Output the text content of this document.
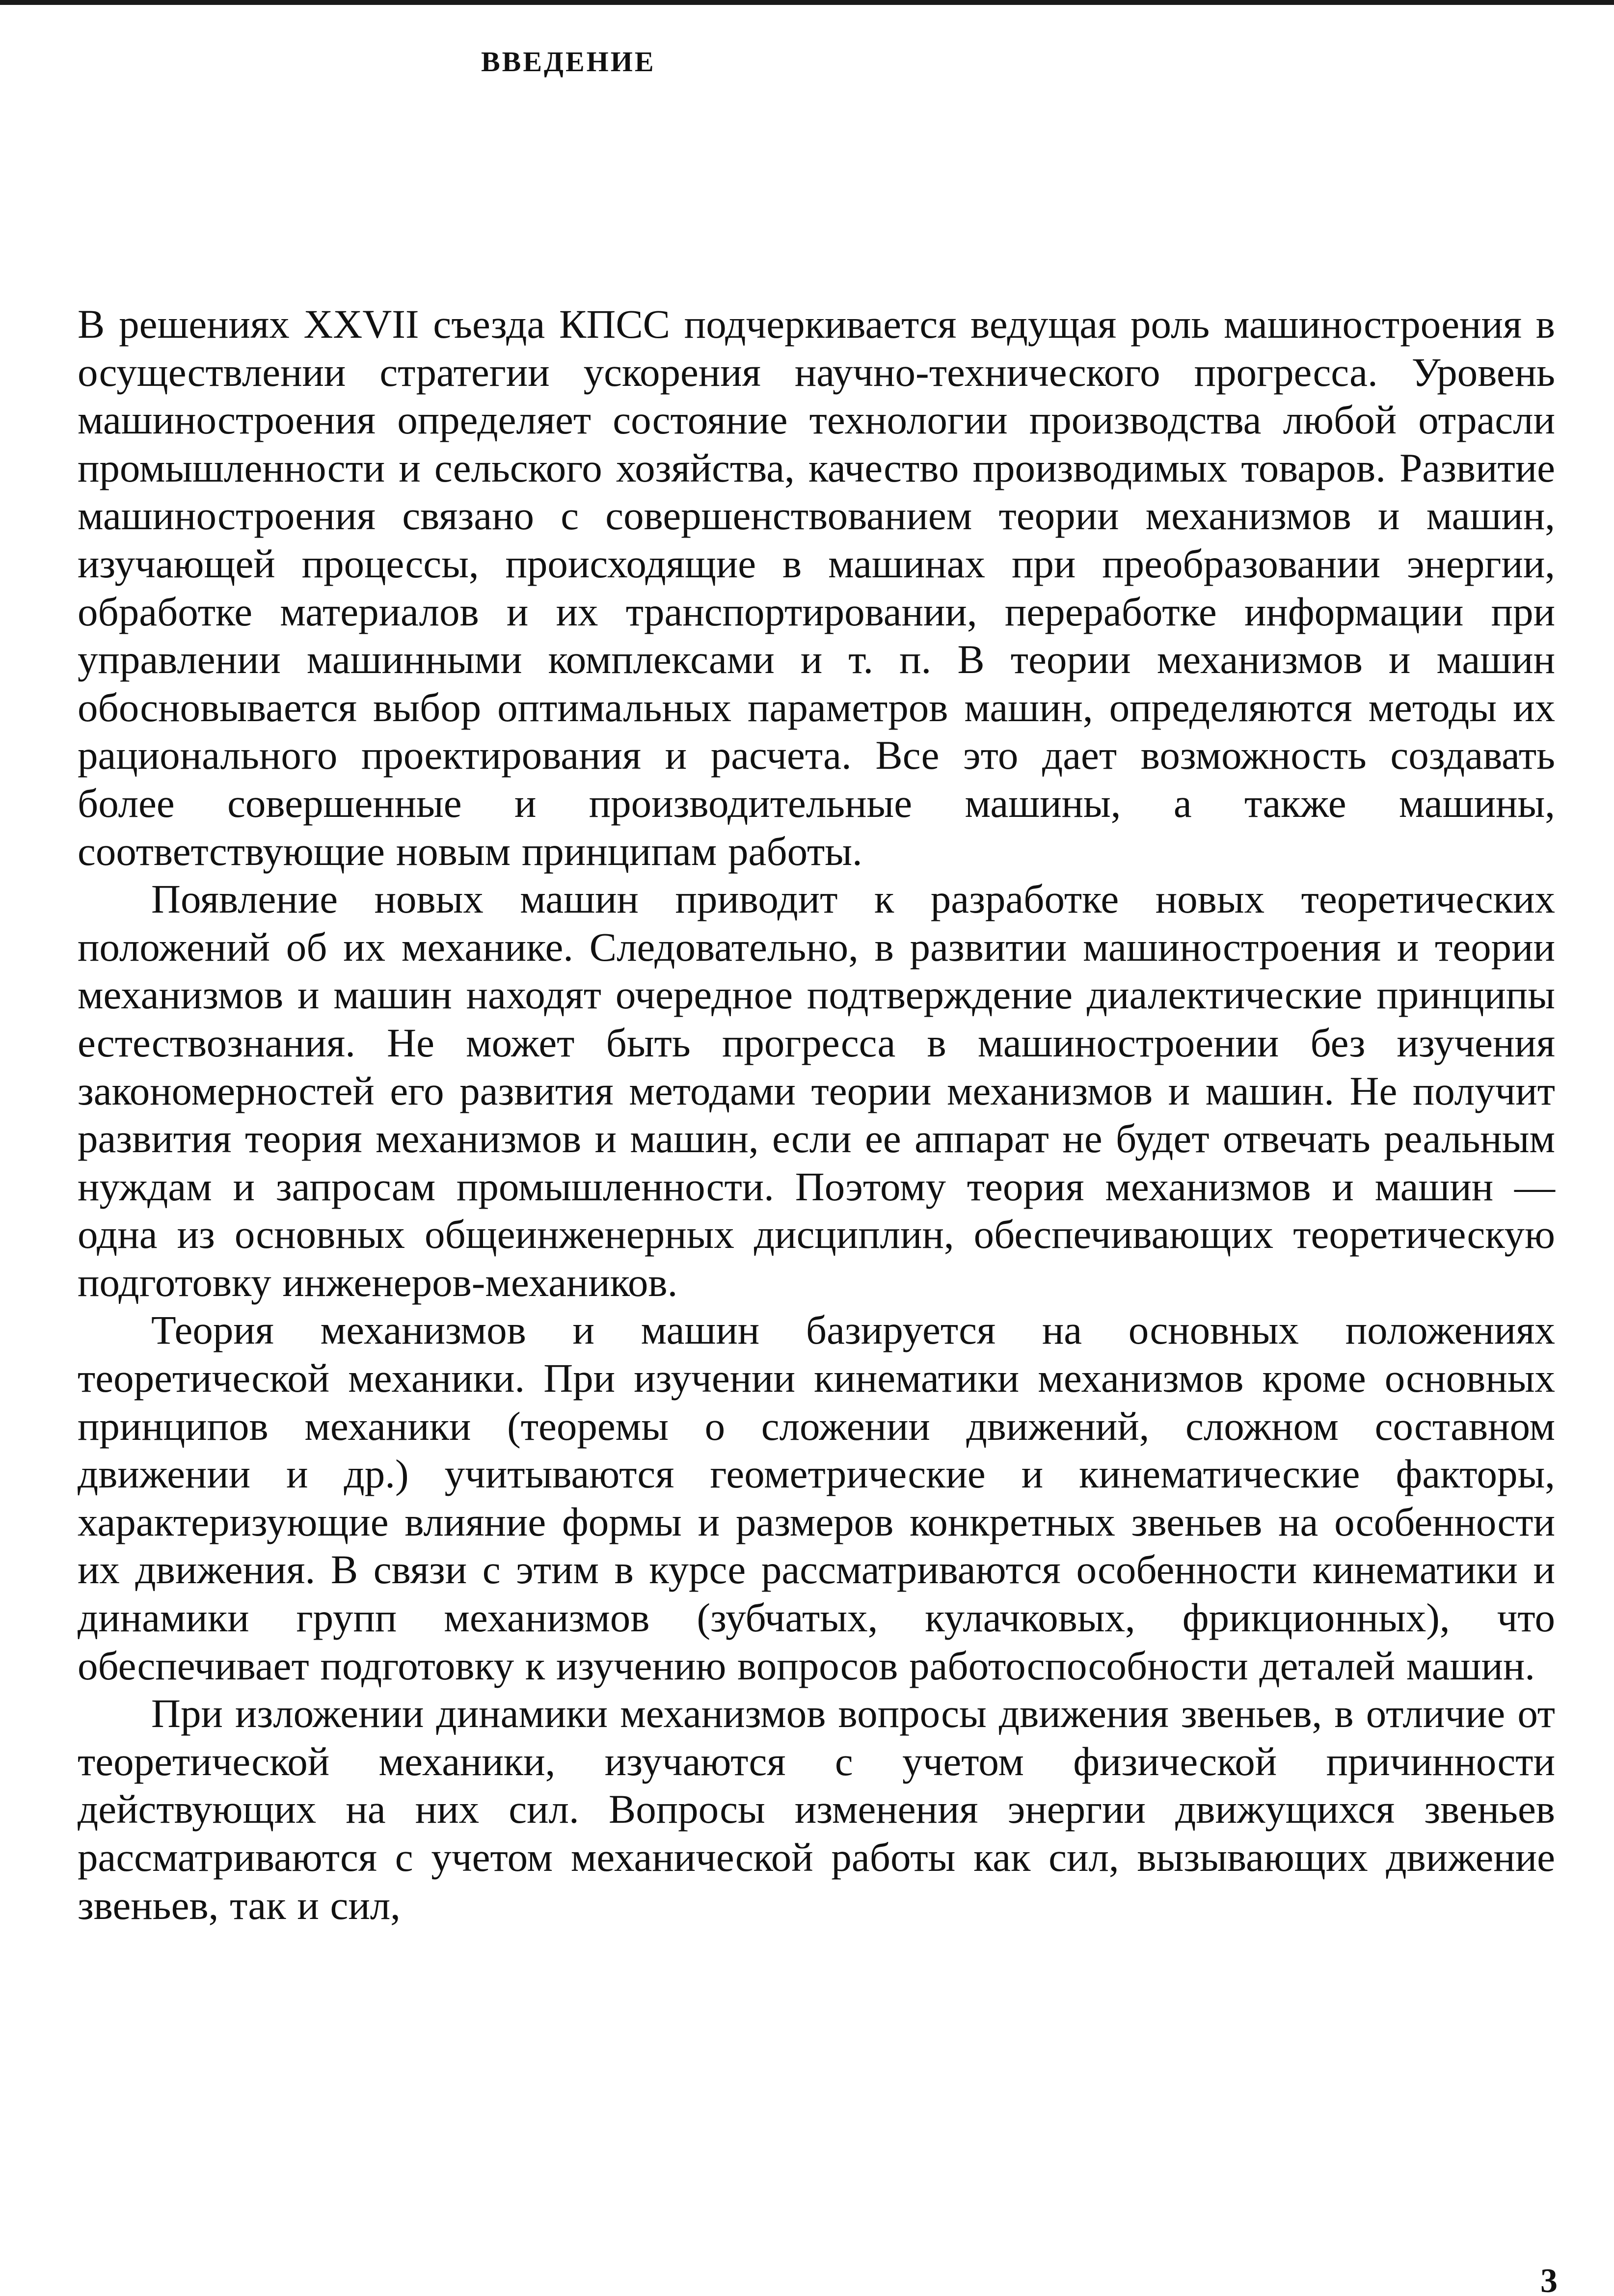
ВВЕДЕНИЕ

В решениях XXVII съезда КПСС подчеркивается ведущая роль машиностроения в осуществлении стратегии ускорения научно-технического прогресса. Уровень машиностроения определяет состояние технологии производства любой отрасли промышленности и сельского хозяйства, качество производимых товаров. Развитие машиностроения связано с совершенствованием теории механизмов и машин, изучающей процессы, происходящие в машинах при преобразовании энергии, обработке материалов и их транспортировании, переработке информации при управлении машинными комплексами и т. п. В теории механизмов и машин обосновывается выбор оптимальных параметров машин, определяются методы их рационального проектирования и расчета. Все это дает возможность создавать более совершенные и производительные машины, а также машины, соответствующие новым принципам работы.

Появление новых машин приводит к разработке новых теоретических положений об их механике. Следовательно, в развитии машиностроения и теории механизмов и машин находят очередное подтверждение диалектические принципы естествознания. Не может быть прогресса в машиностроении без изучения закономерностей его развития методами теории механизмов и машин. Не получит развития теория механизмов и машин, если ее аппарат не будет отвечать реальным нуждам и запросам промышленности. Поэтому теория механизмов и машин — одна из основных общеинженерных дисциплин, обеспечивающих теоретическую подготовку инженеров-механиков.

Теория механизмов и машин базируется на основных положениях теоретической механики. При изучении кинематики механизмов кроме основных принципов механики (теоремы о сложении движений, сложном составном движении и др.) учитываются геометрические и кинематические факторы, характеризующие влияние формы и размеров конкретных звеньев на особенности их движения. В связи с этим в курсе рассматриваются особенности кинематики и динамики групп механизмов (зубчатых, кулачковых, фрикционных), что обеспечивает подготовку к изучению вопросов работоспособности деталей машин.

При изложении динамики механизмов вопросы движения звеньев, в отличие от теоретической механики, изучаются с учетом физической причинности действующих на них сил. Вопросы изменения энергии движущихся звеньев рассматриваются с учетом механической работы как сил, вызывающих движение звеньев, так и сил,

3
